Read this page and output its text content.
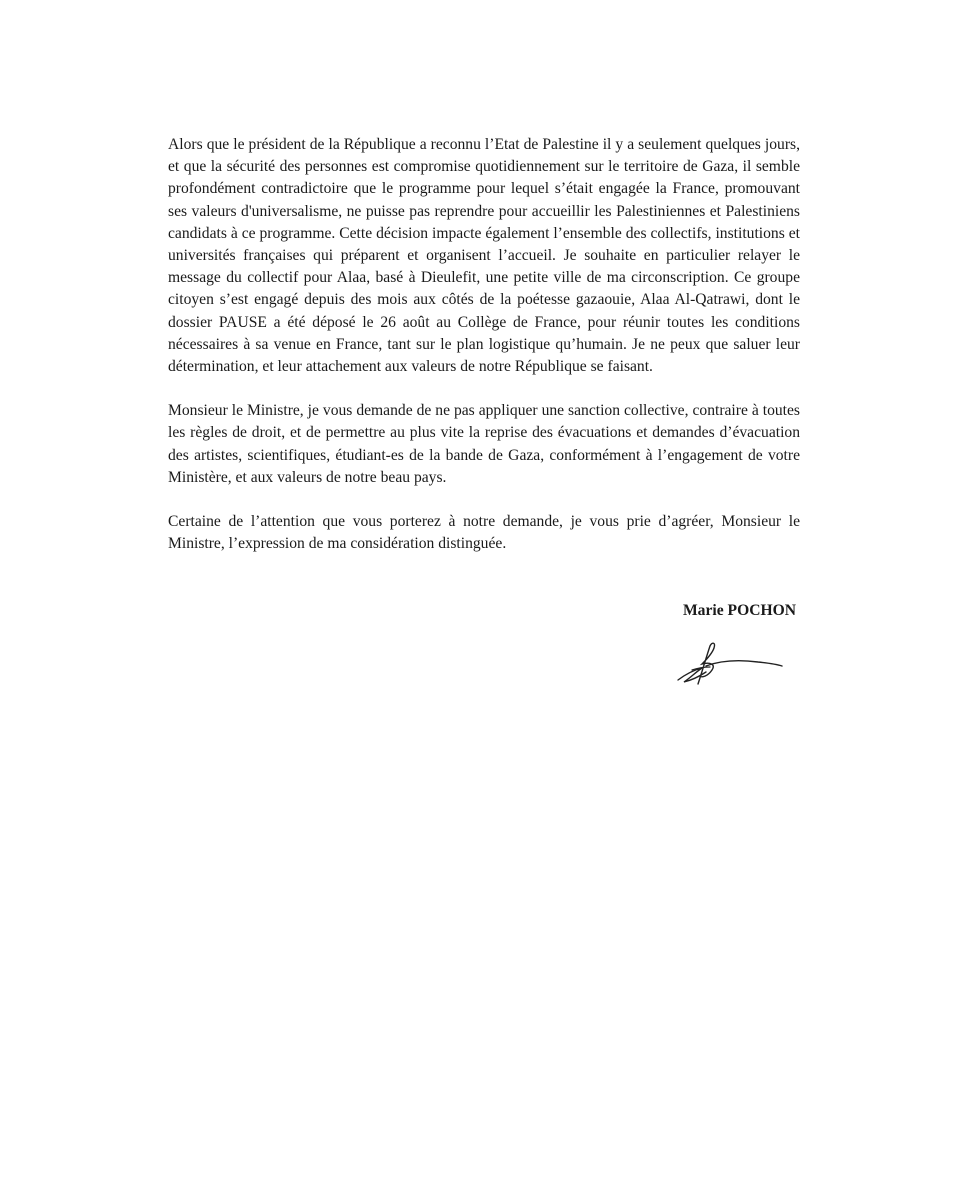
Alors que le président de la République a reconnu l’Etat de Palestine il y a seulement quelques jours, et que la sécurité des personnes est compromise quotidiennement sur le territoire de Gaza, il semble profondément contradictoire que le programme pour lequel s’était engagée la France, promouvant ses valeurs d'universalisme, ne puisse pas reprendre pour accueillir les Palestiniennes et Palestiniens candidats à ce programme. Cette décision impacte également l’ensemble des collectifs, institutions et universités françaises qui préparent et organisent l’accueil. Je souhaite en particulier relayer le message du collectif pour Alaa, basé à Dieulefit, une petite ville de ma circonscription. Ce groupe citoyen s’est engagé depuis des mois aux côtés de la poétesse gazaouie, Alaa Al-Qatrawi, dont le dossier PAUSE a été déposé le 26 août au Collège de France, pour réunir toutes les conditions nécessaires à sa venue en France, tant sur le plan logistique qu’humain. Je ne peux que saluer leur détermination, et leur attachement aux valeurs de notre République se faisant.

Monsieur le Ministre, je vous demande de ne pas appliquer une sanction collective, contraire à toutes les règles de droit, et de permettre au plus vite la reprise des évacuations et demandes d’évacuation des artistes, scientifiques, étudiant-es de la bande de Gaza, conformément à l’engagement de votre Ministère, et aux valeurs de notre beau pays.

Certaine de l’attention que vous porterez à notre demande, je vous prie d’agréer, Monsieur le Ministre, l’expression de ma considération distinguée.

Marie POCHON
